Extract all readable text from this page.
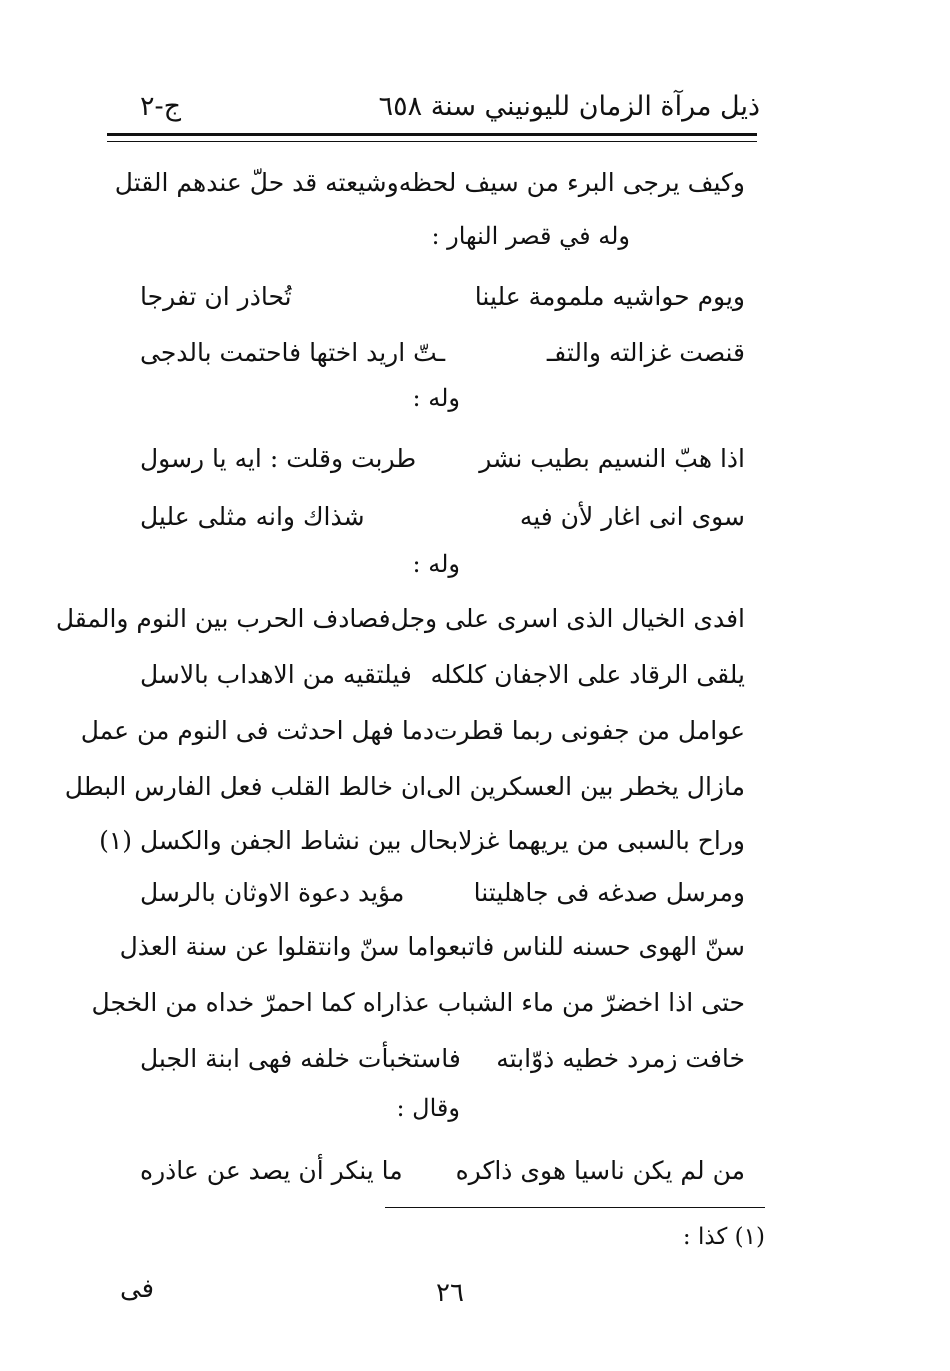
ذيل مرآة الزمان لليونيني سنة ٦٥٨
ج-٢
وكيف يرجى البرء من سيف لحظه
وشيعته قد حلّ عندهم القتل
وله في قصر النهار :
ويوم حواشيه ملمومة علينا
تُحاذر ان تفرجا
قنصت غزالته والتفـ
ـتّ اريد اختها فاحتمت بالدجى
وله :
اذا هبّ النسيم بطيب نشر
طربت وقلت : ايه يا رسول
سوى انى اغار لأن فيه
شذاك وانه مثلى عليل
وله :
افدى الخيال الذى اسرى على وجل
فصادف الحرب بين النوم والمقل
يلقى الرقاد على الاجفان كلكله
فيلتقيه من الاهداب بالاسل
عوامل من جفونى ربما قطرت
دما فهل احدثت فى النوم من عمل
مازال يخطر بين العسكرين الى
ان خالط القلب فعل الفارس البطل
وراح بالسبى من يريهما غزلا
بحال بين نشاط الجفن والكسل (١)
ومرسل صدغه فى جاهليتنا
مؤيد دعوة الاوثان بالرسل
سنّ الهوى حسنه للناس فاتبعوا
ما سنّ وانتقلوا عن سنة العذل
حتى اذا اخضرّ من ماء الشباب عذا
راه كما احمرّ خداه من الخجل
خافت زمرد خطيه ذوّابته
فاستخبأت خلفه فهى ابنة الجبل
وقال :
من لم يكن ناسيا هوى ذاكره
ما ينكر أن يصد عن عاذره
(١) كذا :
فى	٢٦
